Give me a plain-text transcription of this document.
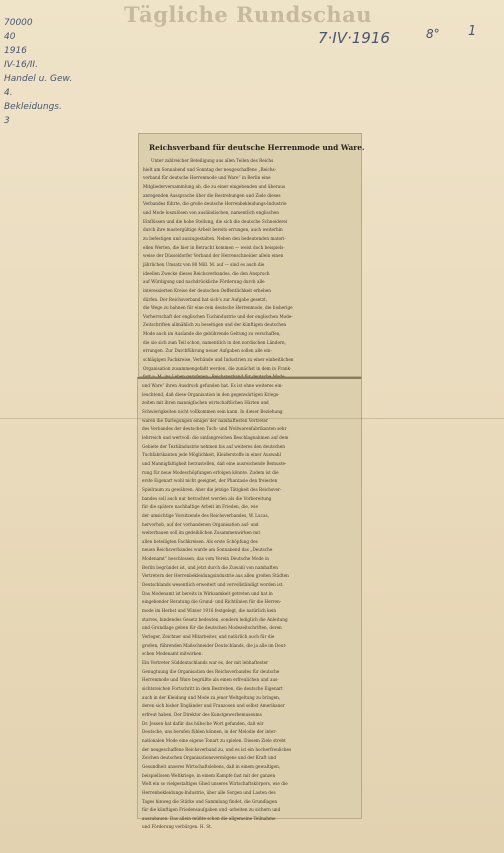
Tägliche Rundschau
7·IV·1916	8° 1
70000
40
1916
IV-16/II.
Handel u. Gew.
4.
Bekleidungs.
3
Reichsverband für deutsche Herrenmode und Ware.
Unter zahlreicher Beteiligung aus allen Teilen des Reichs
hielt am Sonnabend und Sonntag der neugeschaffene „Reichs-
verband für deutsche Herrenmode und Ware“ in Berlin eine
Mitgliederversammlung ab, die zu einer eingehenden und überaus
anregenden Aussprache über die Bestrebungen und Ziele dieses
Verbandes führte, die große deutsche Herrenbekleidungs-Industrie
und Mode loszulösen von ausländischen, namentlich englischen
Einflüssen und die hohe Stellung, die sich die deutsche Schneiderei
durch ihre mustergültige Arbeit bereits errungen, auch weiterhin
zu befestigen und auszugestalten. Neben den bedeutenden materi-
ellen Werten, die hier in Betracht kommen — weist doch beispiels-
weise der Düsseldorfer Verband der Herrenschneider allein einen
jährlichen Umsatz von 80 Mill. M. auf — sind es auch die
ideellen Zwecke dieses Reichsverbandes, die den Anspruch
auf Würdigung und nachdrückliche Förderung durch alle
interessierten Kreise der deutschen Oeffentlichkeit erheben
dürfen. Der Reichsverband hat sich's zur Aufgabe gesetzt,
die Wege zu bahnen für eine rein deutsche Herrenmode, die bisherige
Vorherrschaft der englischen Tuchindustrie und der englischen Mode-
Zeitschriften allmählich zu beseitigen und der künftigen deutschen
Mode auch im Auslande die gebührende Geltung zu verschaffen,
die sie sich zum Teil schon, namentlich in den nordischen Ländern,
errungen. Zur Durchführung neuer Aufgaben sollen alle ein-
schlägigen Fachkreise, Verbände und Industrien zu einer einheitlichen
Organisation zusammengefaßt werden, die zunächst in dem in Frank-
und Ware“ ihren Ausdruck gefunden hat. Es ist ohne weiteres ein-
leuchtend, daß diese Organisation in den gegenwärtigen Kriegs-
zeiten mit ihren mannigfachen wirtschaftlichen Härten und
Schwierigkeiten nicht vollkommen sein kann. In dieser Beziehung
waren die Darlegungen einiger der namhaftesten Vertreter
des Verbandes der deutschen Tuch- und Wollwarenfabrikanten sehr
lehrreich und wertvoll: die umfangreichen Beschlagnahmen auf dem
Gebiete der Textilindustrie nehmen bis auf weiteres den deutschen
Tuchfabrikanten jede Möglichkeit, Kleiderstoffe in einer Auswahl
und Mannigfaltigkeit herzustellen, daß eine ausreichende Bemuste-
rung für neue Modeschöpfungen erfolgen könnte. Zudem ist die
erste Eigenart wohl nicht geeignet, der Phantasie den freiesten
Spielraum zu gewähren. Aber die jetzige Tätigkeit des Reichsver-
bandes soll auch nur betrachtet werden als die Vorbereitung
für die spätere nachhaltige Arbeit im Frieden, die, wie
der umsichtige Vorsitzende des Reichsverbandes, W. Lucas,
hervorhob, auf der vorhandenen Organisation auf- und
weiterbauen soll im gedeihlichen Zusammenwirken mit
allen beteiligten Fachkreisen. Als erste Schöpfung des
neuen Reichsverbandes wurde am Sonnabend das „Deutsche
Modenamt“ beschlossen, das vom Verein Deutsche Mode in
Berlin begründet ist, und jetzt durch die Zuwahl von namhaften
Vertretern der Herrenbekleidungsindustrie aus allen großen Städten
Deutschlands wesentlich erweitert und vervollständigt worden ist.
Das Modenamt ist bereits in Wirksamkeit getreten und hat in
eingehender Beratung die Grund- und Richtlinien für die Herren-
mode im Herbst und Winter 1916 festgelegt, die natürlich kein
starres, bindendes Gesetz bedeuten, sondern lediglich die Anleitung
und Grundlage geben für die deutschen Modezeitschriften, deren
Verleger, Zeichner und Mitarbeiter, und natürlich auch für die
großen, führenden Maßschneider Deutschlands, die ja alle im Deut-
schen Modenamt mitwirken.
Ein Vertreter Süddeutschlands war es, der mit lebhaftester
Genugtuung die Organisation des Reichsverbandes für deutsche
Herrenmode und Ware begrüßte als einen erfreulichen und aus-
sichtsreichen Fortschritt in dem Bestreben, die deutsche Eigenart
auch in der Kleidung und Mode zu jener Weltgeltung zu bringen,
deren sich bisher Engländer und Franzosen und selbst Amerikaner
erfreut haben. Der Direktor des Kunstgewerbemuseums
Dr. Jessen hat dafür das hübsche Wort gefunden, daß wir
Deutsche, uns berufen fühlen können, in der Melodie der inter-
nationalen Mode eine eigene Tonart zu spielen. Diesem Ziele strebt
der neugeschaffene Reichsverband zu, und es ist ein hocherfreuliches
Zeichen deutschen Organisationsvermögens und der Kraft und
Gesundheit unseres Wirtschaftslebens, daß in einem gewaltigen,
beispiellosen Weltkriege, in einem Kampfe fast mit der ganzen
Welt ein so vielgestaltiges Glied unseres Wirtschaftskörpers, wie die
Herrenbekleidungs-Industrie, über alle Sorgen und Lasten des
Tages hinweg die Stärke und Sammlung findet, die Grundlagen
für die künftigen Friedensaufgaben und -arbeiten zu sichern und
auszubauen. Das allein müßte schon die allgemeine Teilnahme
und Förderung verbürgen. H. St.
